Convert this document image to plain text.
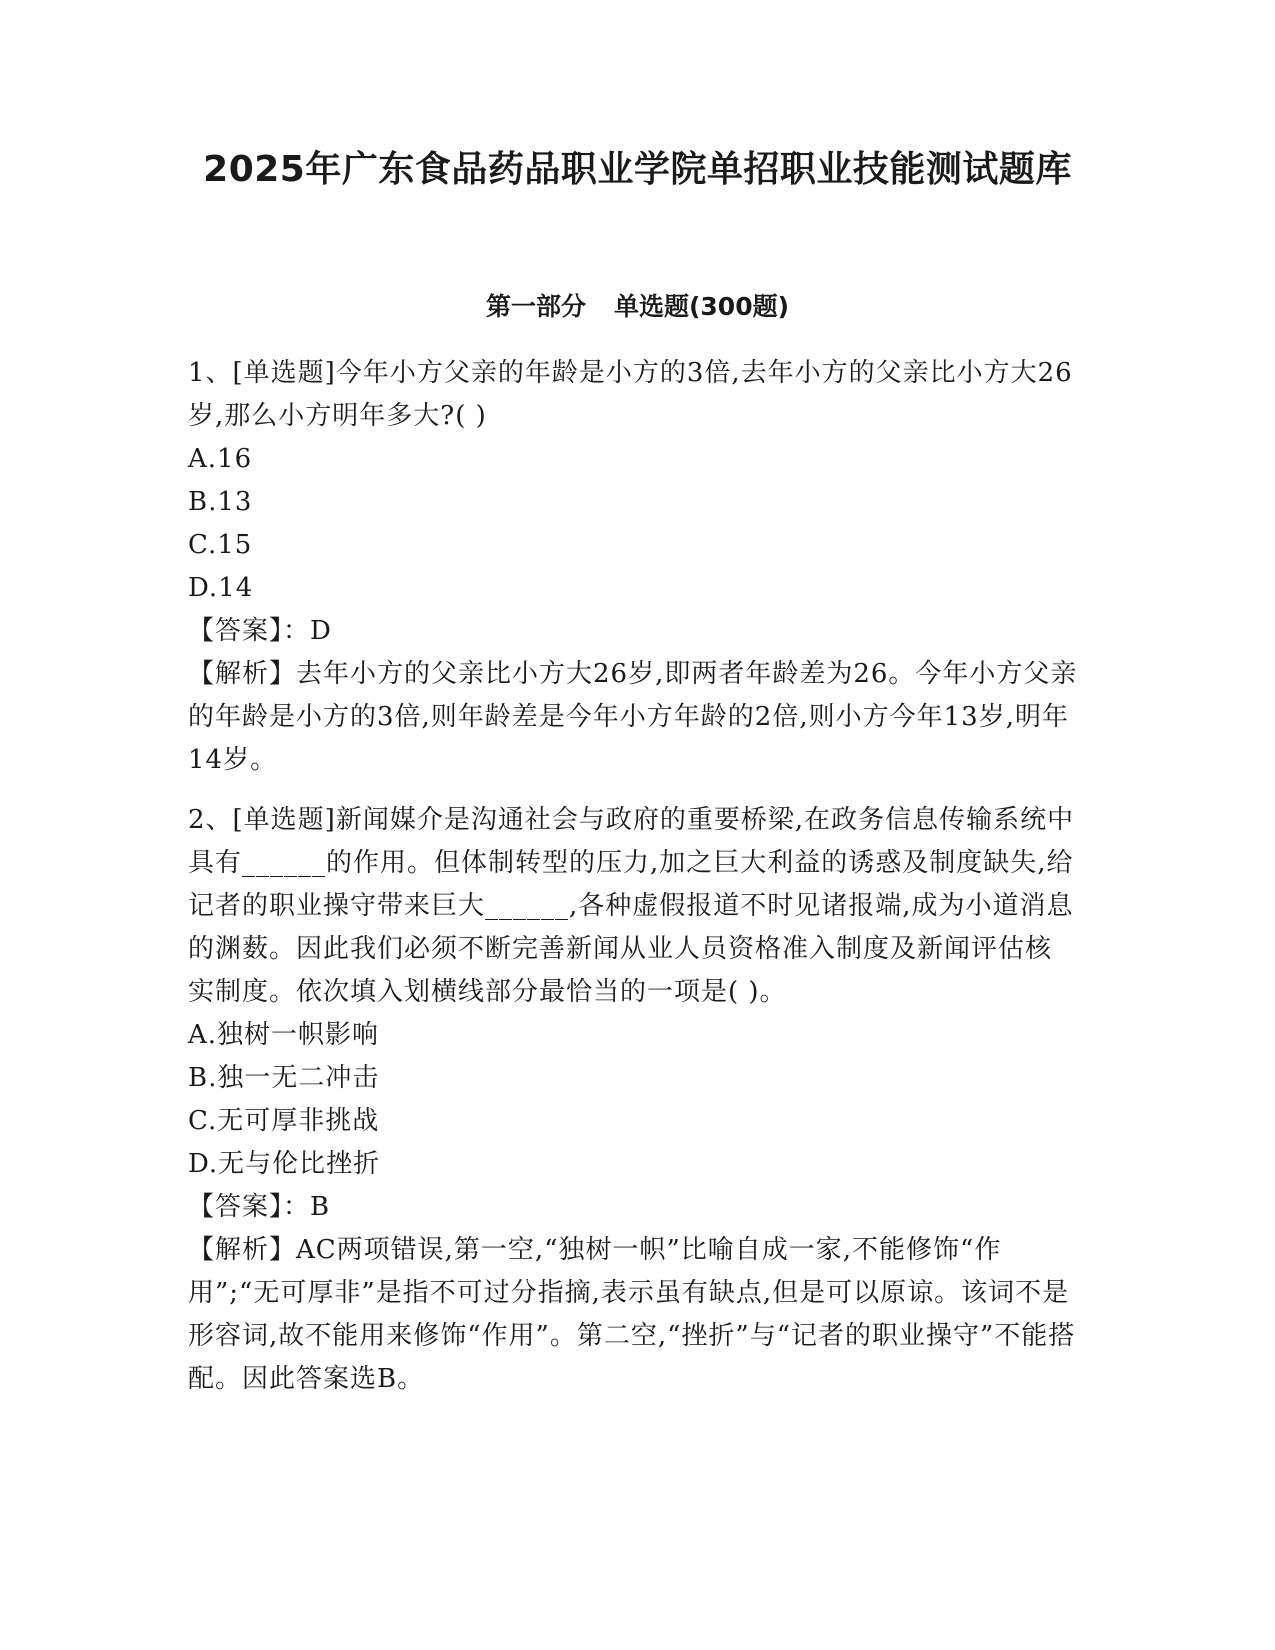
2025年广东食品药品职业学院单招职业技能测试题库
第一部分 单选题(300题)

1、[单选题]今年小方父亲的年龄是小方的3倍,去年小方的父亲比小方大26岁,那么小方明年多大?( )

A.16

B.13

C.15

D.14

【答案】：D

【解析】去年小方的父亲比小方大26岁,即两者年龄差为26。今年小方父亲的年龄是小方的3倍,则年龄差是今年小方年龄的2倍,则小方今年13岁,明年14岁。

2、[单选题]新闻媒介是沟通社会与政府的重要桥梁,在政务信息传输系统中具有______的作用。但体制转型的压力,加之巨大利益的诱惑及制度缺失,给记者的职业操守带来巨大______,各种虚假报道不时见诸报端,成为小道消息的渊薮。因此我们必须不断完善新闻从业人员资格准入制度及新闻评估核实制度。依次填入划横线部分最恰当的一项是( )。

A.独树一帜影响

B.独一无二冲击

C.无可厚非挑战

D.无与伦比挫折

【答案】：B

【解析】AC两项错误,第一空,“独树一帜”比喻自成一家,不能修饰“作用”;“无可厚非”是指不可过分指摘,表示虽有缺点,但是可以原谅。该词不是形容词,故不能用来修饰“作用”。第二空,“挫折”与“记者的职业操守”不能搭配。因此答案选B。
